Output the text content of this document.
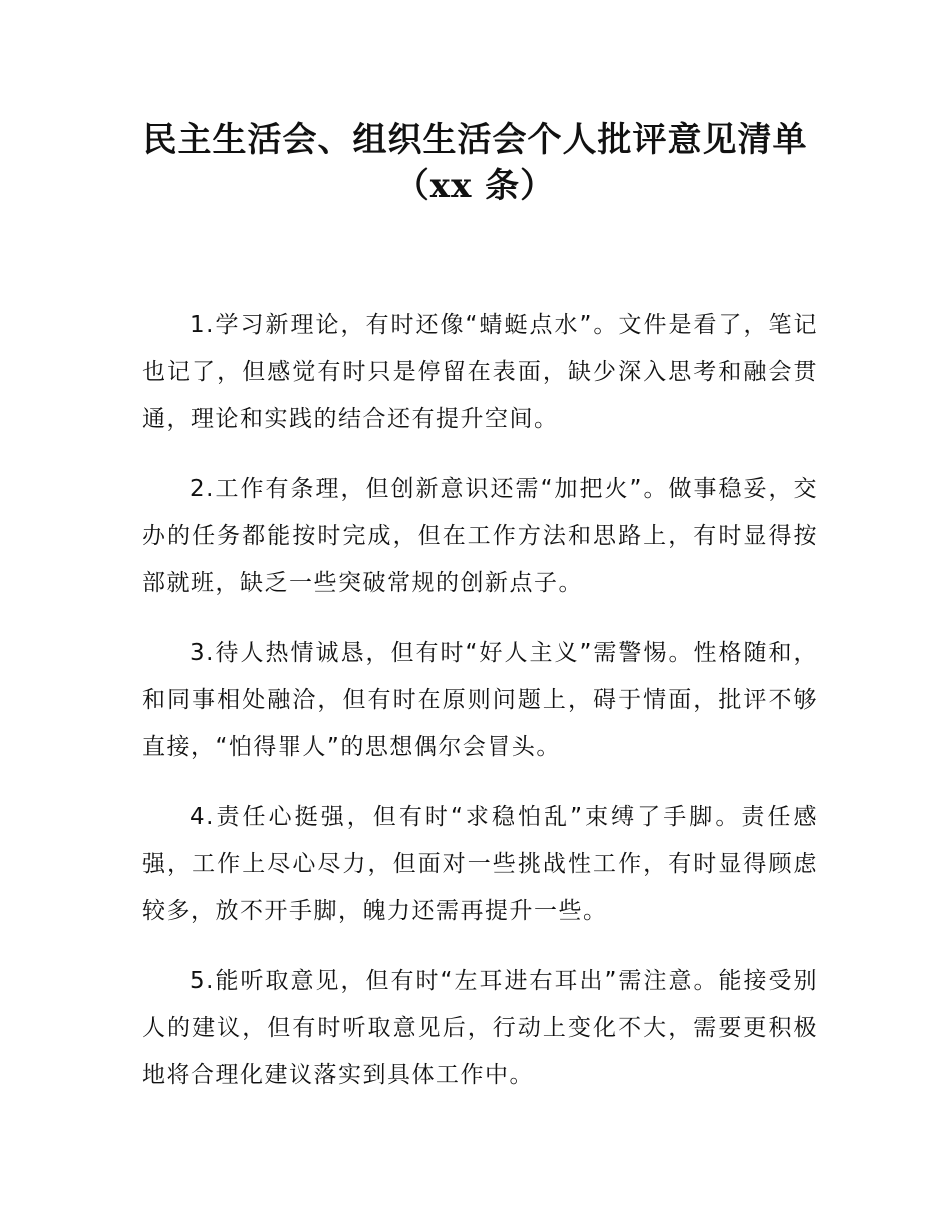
民主生活会、组织生活会个人批评意见清单
（xx 条）

1.学习新理论，有时还像“蜻蜓点水”。文件是看了，笔记也记了，但感觉有时只是停留在表面，缺少深入思考和融会贯通，理论和实践的结合还有提升空间。

2.工作有条理，但创新意识还需“加把火”。做事稳妥，交办的任务都能按时完成，但在工作方法和思路上，有时显得按部就班，缺乏一些突破常规的创新点子。

3.待人热情诚恳，但有时“好人主义”需警惕。性格随和，和同事相处融洽，但有时在原则问题上，碍于情面，批评不够直接，“怕得罪人”的思想偶尔会冒头。

4.责任心挺强，但有时“求稳怕乱”束缚了手脚。责任感强，工作上尽心尽力，但面对一些挑战性工作，有时显得顾虑较多，放不开手脚，魄力还需再提升一些。

5.能听取意见，但有时“左耳进右耳出”需注意。能接受别人的建议，但有时听取意见后，行动上变化不大，需要更积极地将合理化建议落实到具体工作中。
